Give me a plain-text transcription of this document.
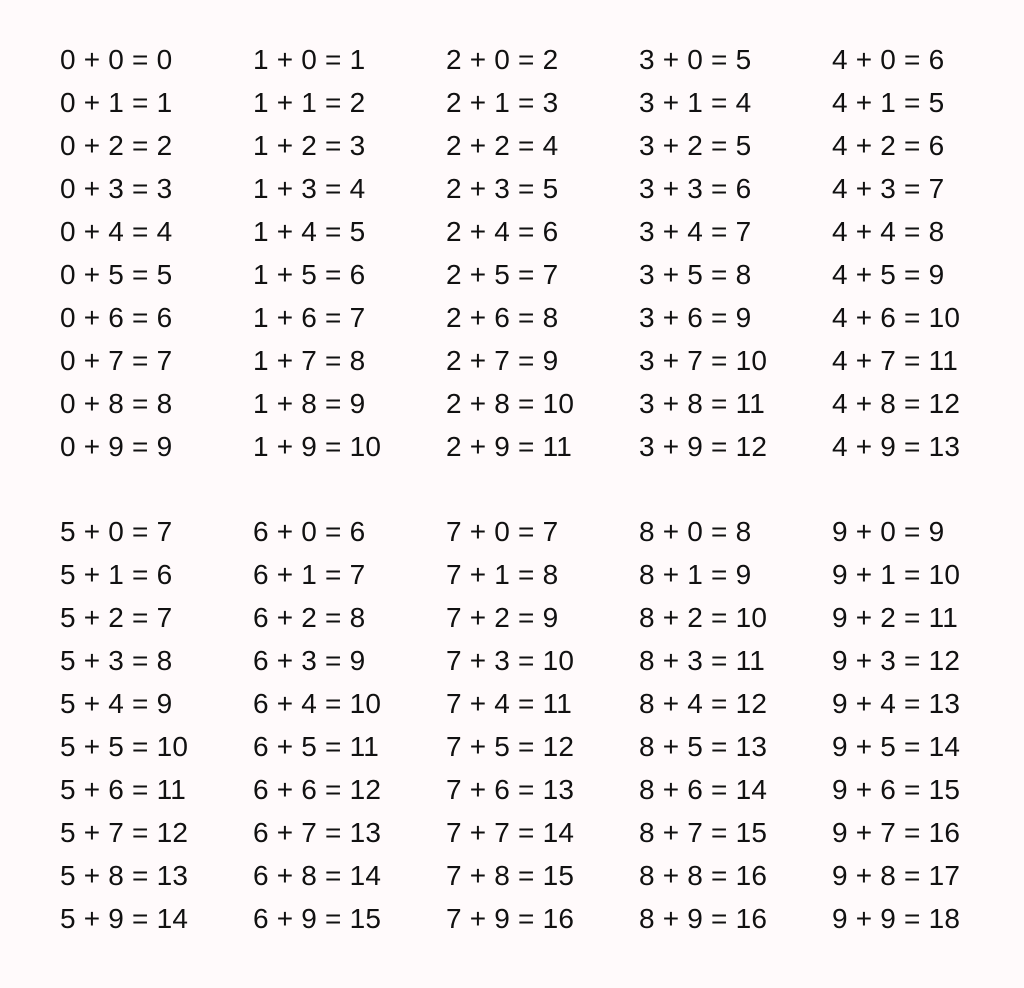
0 + 0 = 0
0 + 1 = 1
0 + 2 = 2
0 + 3 = 3
0 + 4 = 4
0 + 5 = 5
0 + 6 = 6
0 + 7 = 7
0 + 8 = 8
0 + 9 = 9
1 + 0 = 1
1 + 1 = 2
1 + 2 = 3
1 + 3 = 4
1 + 4 = 5
1 + 5 = 6
1 + 6 = 7
1 + 7 = 8
1 + 8 = 9
1 + 9 = 10
2 + 0 = 2
2 + 1 = 3
2 + 2 = 4
2 + 3 = 5
2 + 4 = 6
2 + 5 = 7
2 + 6 = 8
2 + 7 = 9
2 + 8 = 10
2 + 9 = 11
3 + 0 = 5
3 + 1 = 4
3 + 2 = 5
3 + 3 = 6
3 + 4 = 7
3 + 5 = 8
3 + 6 = 9
3 + 7 = 10
3 + 8 = 11
3 + 9 = 12
4 + 0 = 6
4 + 1 = 5
4 + 2 = 6
4 + 3 = 7
4 + 4 = 8
4 + 5 = 9
4 + 6 = 10
4 + 7 = 11
4 + 8 = 12
4 + 9 = 13
5 + 0 = 7
5 + 1 = 6
5 + 2 = 7
5 + 3 = 8
5 + 4 = 9
5 + 5 = 10
5 + 6 = 11
5 + 7 = 12
5 + 8 = 13
5 + 9 = 14
6 + 0 = 6
6 + 1 = 7
6 + 2 = 8
6 + 3 = 9
6 + 4 = 10
6 + 5 = 11
6 + 6 = 12
6 + 7 = 13
6 + 8 = 14
6 + 9 = 15
7 + 0 = 7
7 + 1 = 8
7 + 2 = 9
7 + 3 = 10
7 + 4 = 11
7 + 5 = 12
7 + 6 = 13
7 + 7 = 14
7 + 8 = 15
7 + 9 = 16
8 + 0 = 8
8 + 1 = 9
8 + 2 = 10
8 + 3 = 11
8 + 4 = 12
8 + 5 = 13
8 + 6 = 14
8 + 7 = 15
8 + 8 = 16
8 + 9 = 16
9 + 0 = 9
9 + 1 = 10
9 + 2 = 11
9 + 3 = 12
9 + 4 = 13
9 + 5 = 14
9 + 6 = 15
9 + 7 = 16
9 + 8 = 17
9 + 9 = 18
